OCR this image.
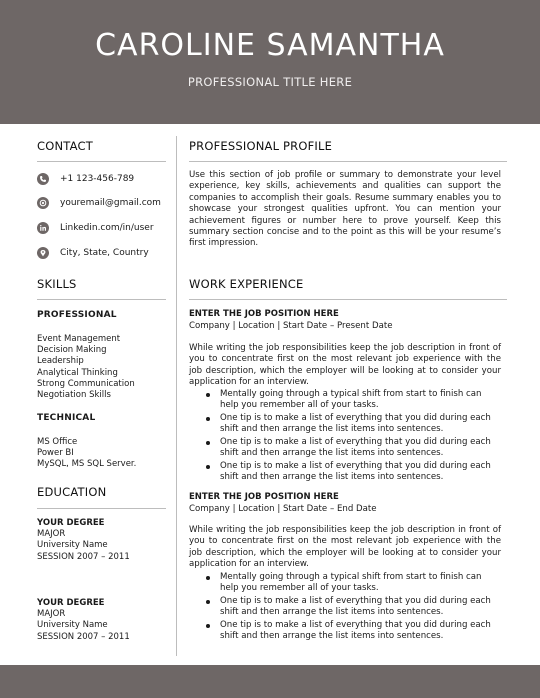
CAROLINE SAMANTHA
PROFESSIONAL TITLE HERE
CONTACT
+1 123-456-789
youremail@gmail.com
Linkedin.com/in/user
City, State, Country
SKILLS
PROFESSIONAL
Event Management
Decision Making
Leadership
Analytical Thinking
Strong Communication
Negotiation Skills
TECHNICAL
MS Office
Power BI
MySQL, MS SQL Server.
EDUCATION
YOUR DEGREE
MAJOR
University Name
SESSION 2007 – 2011
YOUR DEGREE
MAJOR
University Name
SESSION 2007 – 2011
PROFESSIONAL PROFILE
Use this section of job profile or summary to demonstrate your level experience, key skills, achievements and qualities can support the companies to accomplish their goals. Resume summary enables you to showcase your strongest qualities upfront. You can mention your achievement figures or number here to prove yourself. Keep this summary section concise and to the point as this will be your resume’s first impression.
WORK EXPERIENCE
ENTER THE JOB POSITION HERE
Company | Location | Start Date – Present Date
While writing the job responsibilities keep the job description in front of you to concentrate first on the most relevant job experience with the job description, which the employer will be looking at to consider your application for an interview.
Mentally going through a typical shift from start to finish can help you remember all of your tasks.
One tip is to make a list of everything that you did during each shift and then arrange the list items into sentences.
One tip is to make a list of everything that you did during each shift and then arrange the list items into sentences.
One tip is to make a list of everything that you did during each shift and then arrange the list items into sentences.
ENTER THE JOB POSITION HERE
Company | Location | Start Date – End Date
While writing the job responsibilities keep the job description in front of you to concentrate first on the most relevant job experience with the job description, which the employer will be looking at to consider your application for an interview.
Mentally going through a typical shift from start to finish can help you remember all of your tasks.
One tip is to make a list of everything that you did during each shift and then arrange the list items into sentences.
One tip is to make a list of everything that you did during each shift and then arrange the list items into sentences.
